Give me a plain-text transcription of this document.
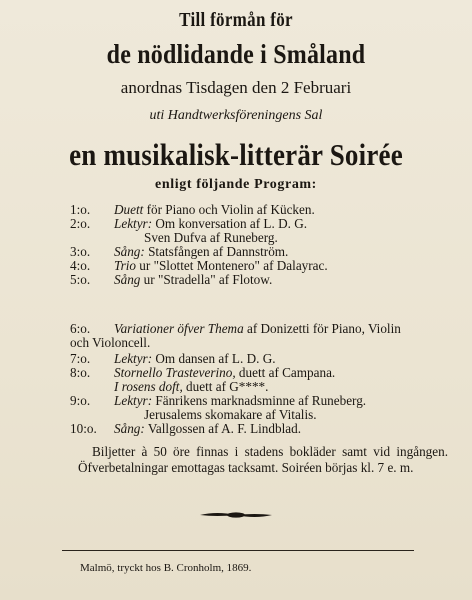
Till förmån för
de nödlidande i Småland
anordnas Tisdagen den 2 Februari
uti Handtwerksföreningens Sal
en musikalisk-litterär Soirée
enligt följande Program:
1:o.	Duett för Piano och Violin af Kücken.
2:o.	Lektyr: Om konversation af L. D. G.
Sven Dufva af Runeberg.
3:o.	Sång: Statsfången af Dannström.
4:o.	Trio ur "Slottet Montenero" af Dalayrac.
5:o.	Sång ur "Stradella" af Flotow.
6:o.	Variationer öfver Thema af Donizetti för Piano, Violin
och Violoncell.
7:o.	Lektyr: Om dansen af L. D. G.
8:o.	Stornello Trasteverino, duett af Campana.
I rosens doft, duett af G****.
9:o.	Lektyr: Fänrikens marknadsminne af Runeberg.
Jerusalems skomakare af Vitalis.
10:o.	Sång: Vallgossen af A. F. Lindblad.
Biljetter à 50 öre finnas i stadens bokläder samt vid ingången. Öfverbetalningar emottagas tacksamt. Soiréen börjas kl. 7 e. m.
Malmö, tryckt hos B. Cronholm, 1869.
